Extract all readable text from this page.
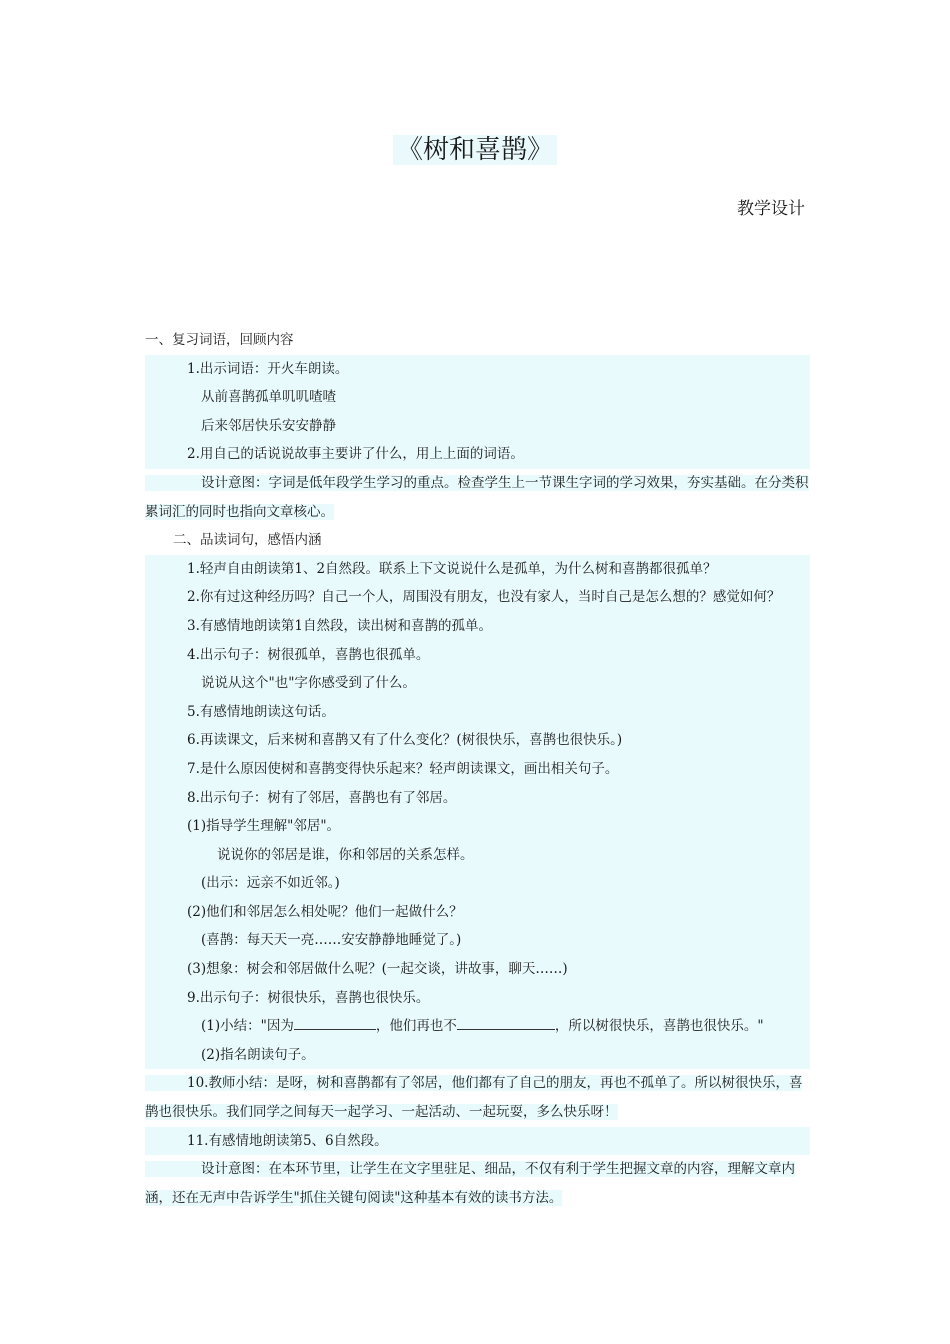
《树和喜鹊》
教学设计
一、复习词语，回顾内容
1.出示词语：开火车朗读。
从前喜鹊孤单叽叽喳喳
后来邻居快乐安安静静
2.用自己的话说说故事主要讲了什么，用上上面的词语。
设计意图：字词是低年段学生学习的重点。检查学生上一节课生字词的学习效果，夯实基础。在分类积累词汇的同时也指向文章核心。
二、品读词句，感悟内涵
1.轻声自由朗读第1、2自然段。联系上下文说说什么是孤单，为什么树和喜鹊都很孤单？
2.你有过这种经历吗？自己一个人，周围没有朋友，也没有家人，当时自己是怎么想的？感觉如何？
3.有感情地朗读第1自然段，读出树和喜鹊的孤单。
4.出示句子：树很孤单，喜鹊也很孤单。
说说从这个"也"字你感受到了什么。
5.有感情地朗读这句话。
6.再读课文，后来树和喜鹊又有了什么变化？(树很快乐，喜鹊也很快乐。)
7.是什么原因使树和喜鹊变得快乐起来？轻声朗读课文，画出相关句子。
8.出示句子：树有了邻居，喜鹊也有了邻居。
(1)指导学生理解"邻居"。
说说你的邻居是谁，你和邻居的关系怎样。
(出示：远亲不如近邻。)
(2)他们和邻居怎么相处呢？他们一起做什么？
(喜鹊：每天天一亮……安安静静地睡觉了。)
(3)想象：树会和邻居做什么呢？(一起交谈，讲故事，聊天……)
9.出示句子：树很快乐，喜鹊也很快乐。
(1)小结："因为	，他们再也不	，所以树很快乐，喜鹊也很快乐。"
(2)指名朗读句子。
10.教师小结：是呀，树和喜鹊都有了邻居，他们都有了自己的朋友，再也不孤单了。所以树很快乐，喜鹊也很快乐。我们同学之间每天一起学习、一起活动、一起玩耍，多么快乐呀！
11.有感情地朗读第5、6自然段。
设计意图：在本环节里，让学生在文字里驻足、细品，不仅有利于学生把握文章的内容，理解文章内涵，还在无声中告诉学生"抓住关键句阅读"这种基本有效的读书方法。
